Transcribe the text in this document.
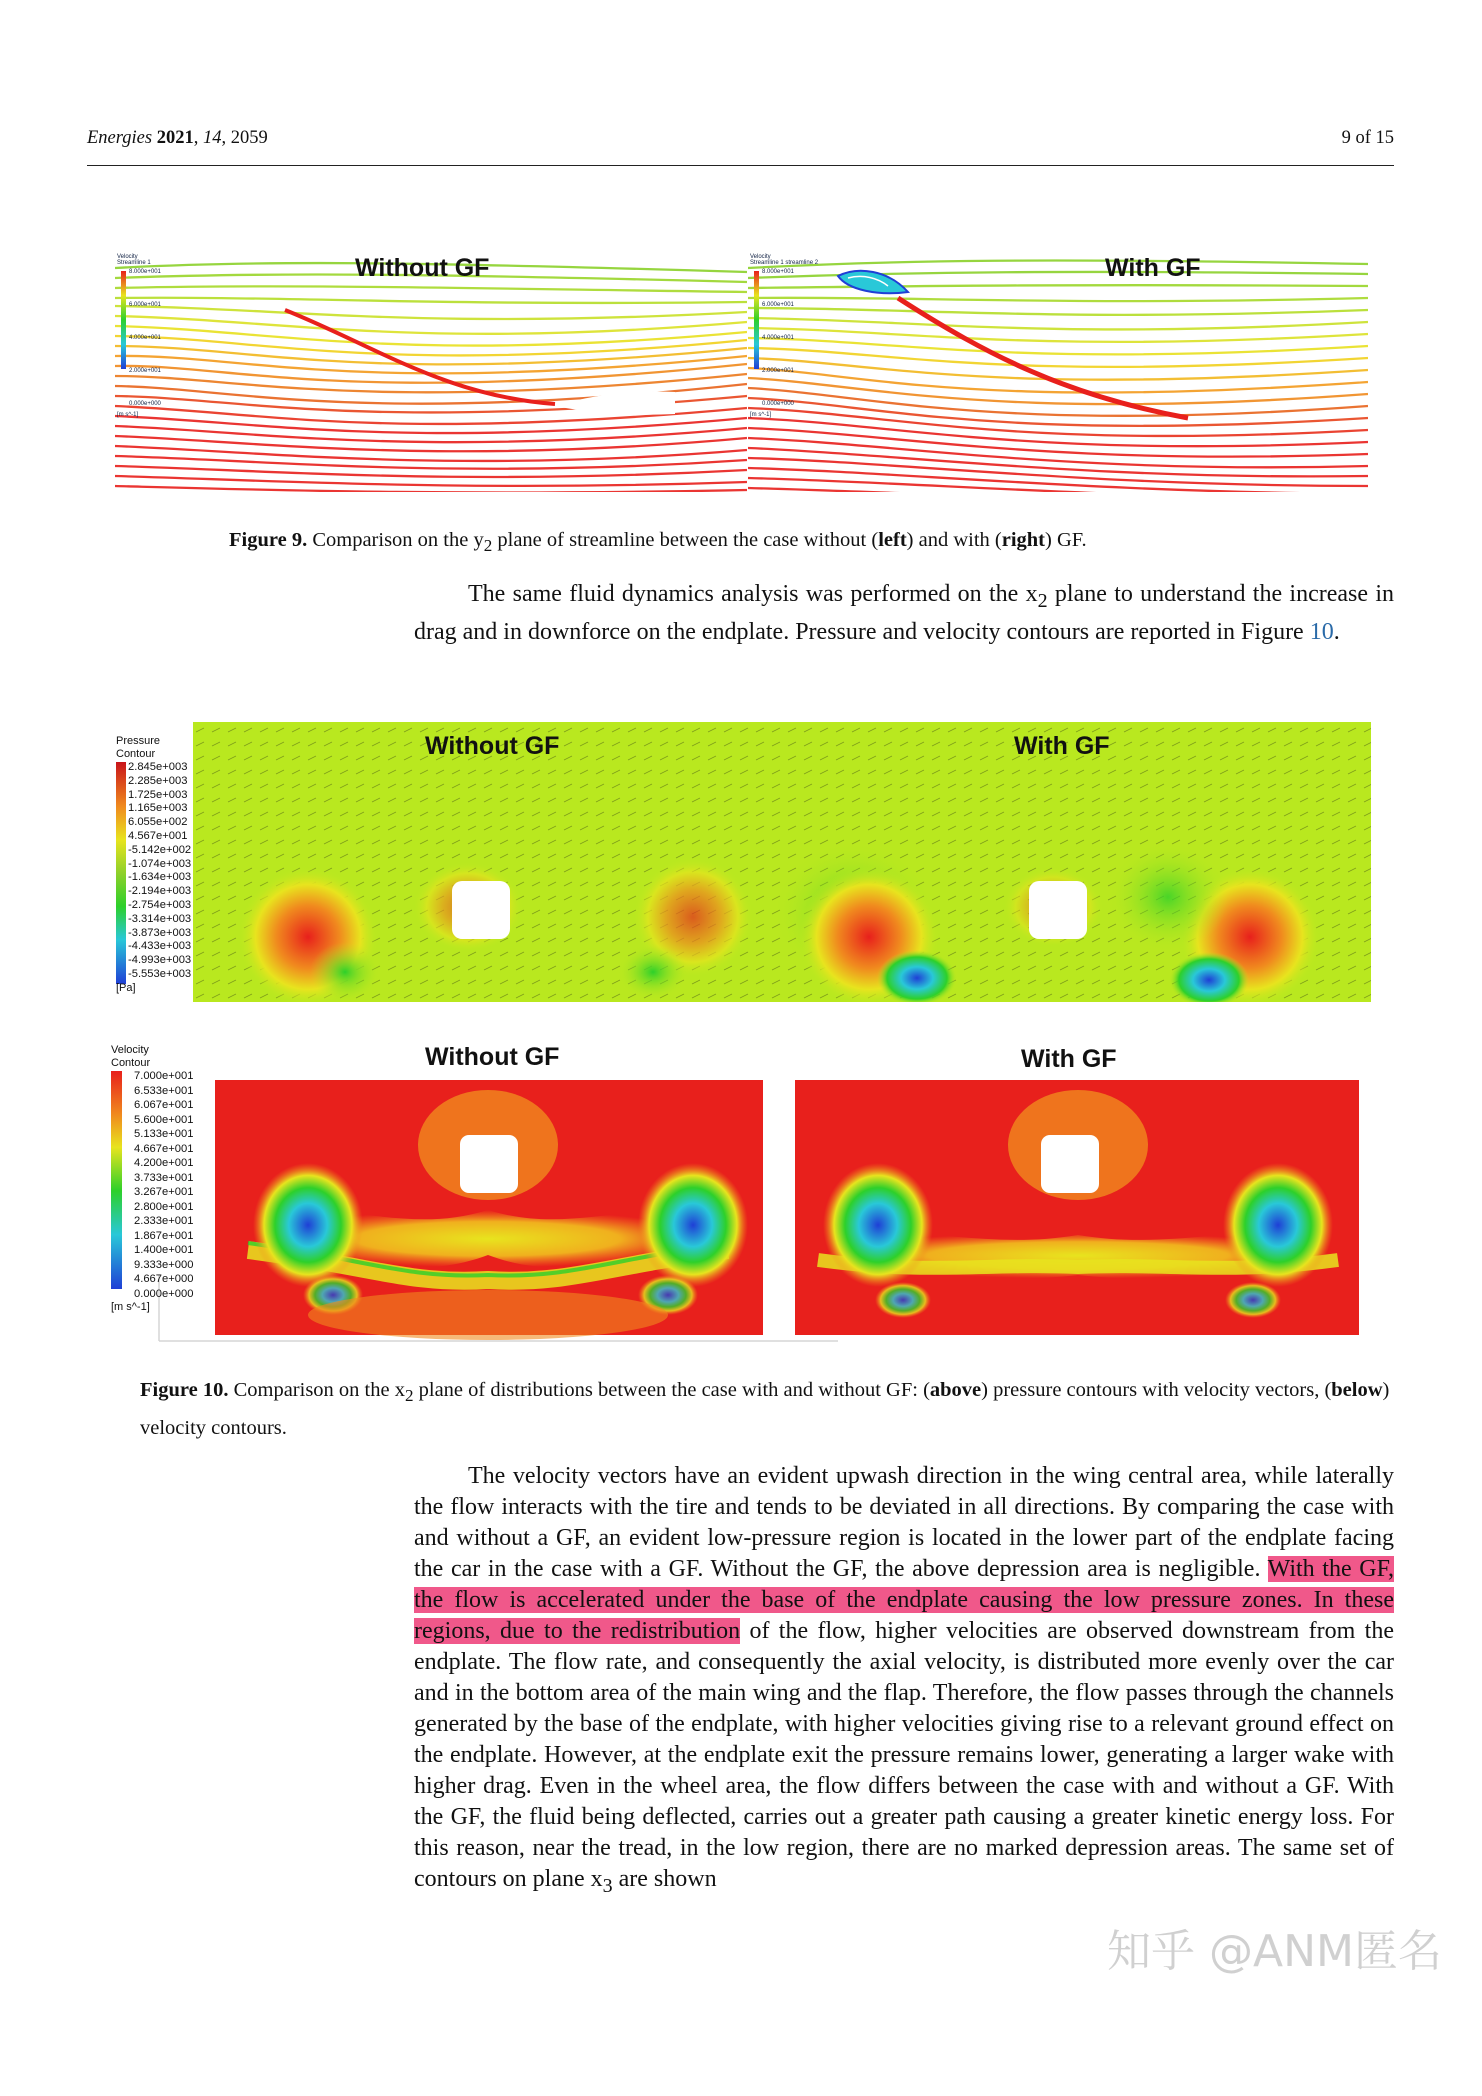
Energies 2021, 14, 2059	9 of 15
Without GF
Velocity
Streamline 1
8.000e+001
6.000e+001
4.000e+001
2.000e+001
0.000e+000
[m s^-1]
With GF
Velocity
Streamline 1 streamline 2
8.000e+001
6.000e+001
4.000e+001
2.000e+001
0.000e+000
[m s^-1]
Figure 9. Comparison on the $y_2$ plane of streamline between the case without (left) and with (right) GF.

The same fluid dynamics analysis was performed on the $x_2$ plane to understand the increase in drag and in downforce on the endplate. Pressure and velocity contours are reported in Figure 10.

Without GF	With GF
Pressure
Contour
2.845e+003
2.285e+003
1.725e+003
1.165e+003
6.055e+002
4.567e+001
-5.142e+002
-1.074e+003
-1.634e+003
-2.194e+003
-2.754e+003
-3.314e+003
-3.873e+003
-4.433e+003
-4.993e+003
-5.553e+003
[Pa]
Without GF	With GF
Velocity
Contour
7.000e+001
6.533e+001
6.067e+001
5.600e+001
5.133e+001
4.667e+001
4.200e+001
3.733e+001
3.267e+001
2.800e+001
2.333e+001
1.867e+001
1.400e+001
9.333e+000
4.667e+000
0.000e+000
[m s^-1]
Figure 10. Comparison on the $x_2$ plane of distributions between the case with and without GF: (above) pressure contours with velocity vectors, (below) velocity contours.

The velocity vectors have an evident upwash direction in the wing central area, while laterally the flow interacts with the tire and tends to be deviated in all directions. By comparing the case with and without a GF, an evident low-pressure region is located in the lower part of the endplate facing the car in the case with a GF. Without the GF, the above depression area is negligible. With the GF, the flow is accelerated under the base of the endplate causing the low pressure zones. In these regions, due to the redistribution of the flow, higher velocities are observed downstream from the endplate. The flow rate, and consequently the axial velocity, is distributed more evenly over the car and in the bottom area of the main wing and the flap. Therefore, the flow passes through the channels generated by the base of the endplate, with higher velocities giving rise to a relevant ground effect on the endplate. However, at the endplate exit the pressure remains lower, generating a larger wake with higher drag. Even in the wheel area, the flow differs between the case with and without a GF. With the GF, the fluid being deflected, carries out a greater path causing a greater kinetic energy loss. For this reason, near the tread, in the low region, there are no marked depression areas. The same set of contours on plane $x_3$ are shown

知乎 @ANM匿名
